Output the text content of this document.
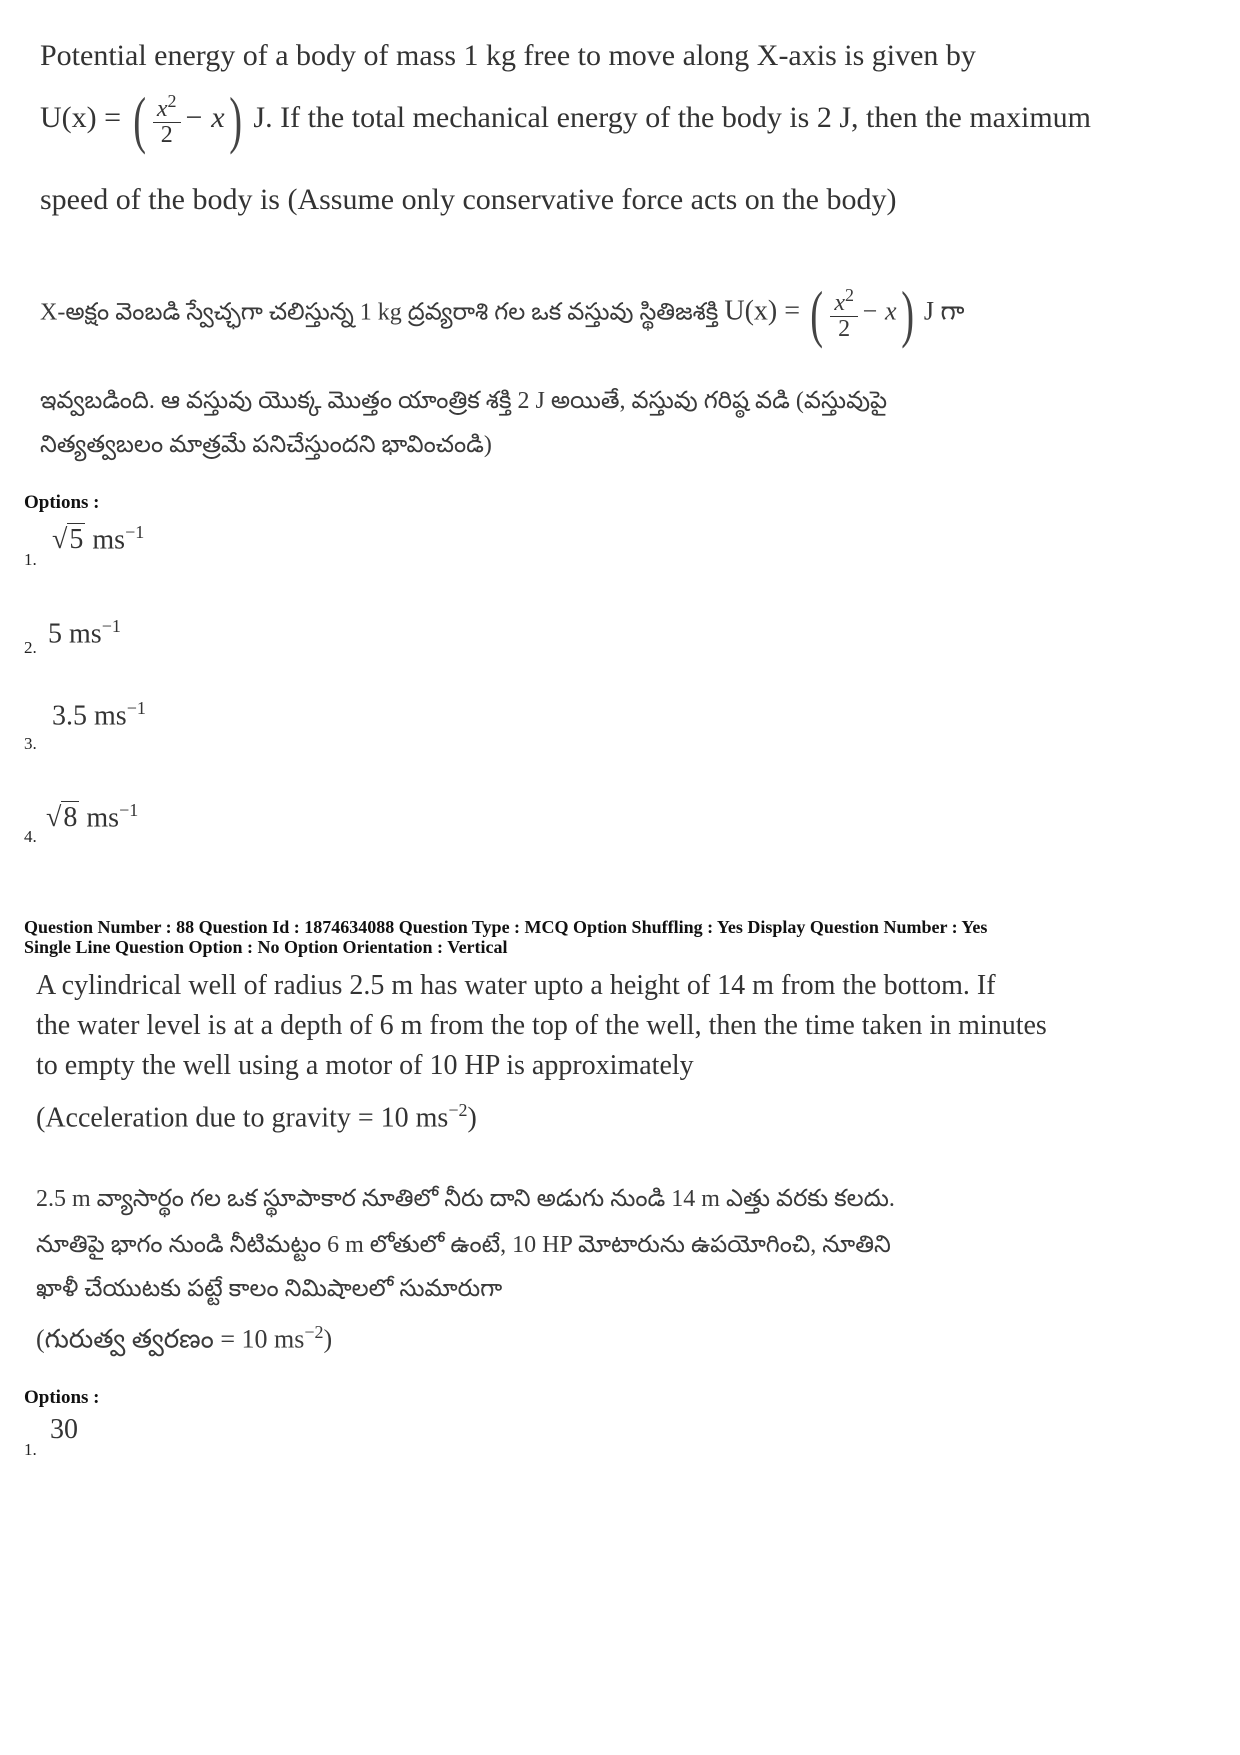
Potential energy of a body of mass 1 kg free to move along X-axis is given by
U(x) = ( $\frac{x^2}{2} - x$) J. If the total mechanical energy of the body is 2 J, then the maximum
speed of the body is (Assume only conservative force acts on the body)
X-అక్షం వెంబడి స్వేచ్ఛగా చలిస్తున్న 1 kg ద్రవ్యరాశి గల ఒక వస్తువు స్థితిజశక్తి U(x) = ( $\frac{x^2}{2} - x$) J గా
ఇవ్వబడింది. ఆ వస్తువు యొక్క మొత్తం యాంత్రిక శక్తి 2 J అయితే, వస్తువు గరిష్ఠ వడి (వస్తువుపై
నిత్యత్వబలం మాత్రమే పనిచేస్తుందని భావించండి)
Options :
1.
√5 $ms^{-1}$
2. 5 $ms^{-1}$
3.
3.5 $ms^{-1}$
4.
√8 $ms^{-1}$
Question Number : 88 Question Id : 1874634088 Question Type : MCQ Option Shuffling : Yes Display Question Number : Yes
Single Line Question Option : No Option Orientation : Vertical
A cylindrical well of radius 2.5 m has water upto a height of 14 m from the bottom. If
the water level is at a depth of 6 m from the top of the well, then the time taken in minutes
to empty the well using a motor of 10 HP is approximately
(Acceleration due to gravity = 10 $ms^{-2}$)
2.5 m వ్యాసార్థం గల ఒక స్థూపాకార నూతిలో నీరు దాని అడుగు నుండి 14 m ఎత్తు వరకు కలదు.
నూతిపై భాగం నుండి నీటిమట్టం 6 m లోతులో ఉంటే, 10 HP మోటారును ఉపయోగించి, నూతిని
ఖాళీ చేయుటకు పట్టే కాలం నిమిషాలలో సుమారుగా
(గురుత్వ త్వరణం = 10 $ms^{-2}$)
Options :
1.
30
